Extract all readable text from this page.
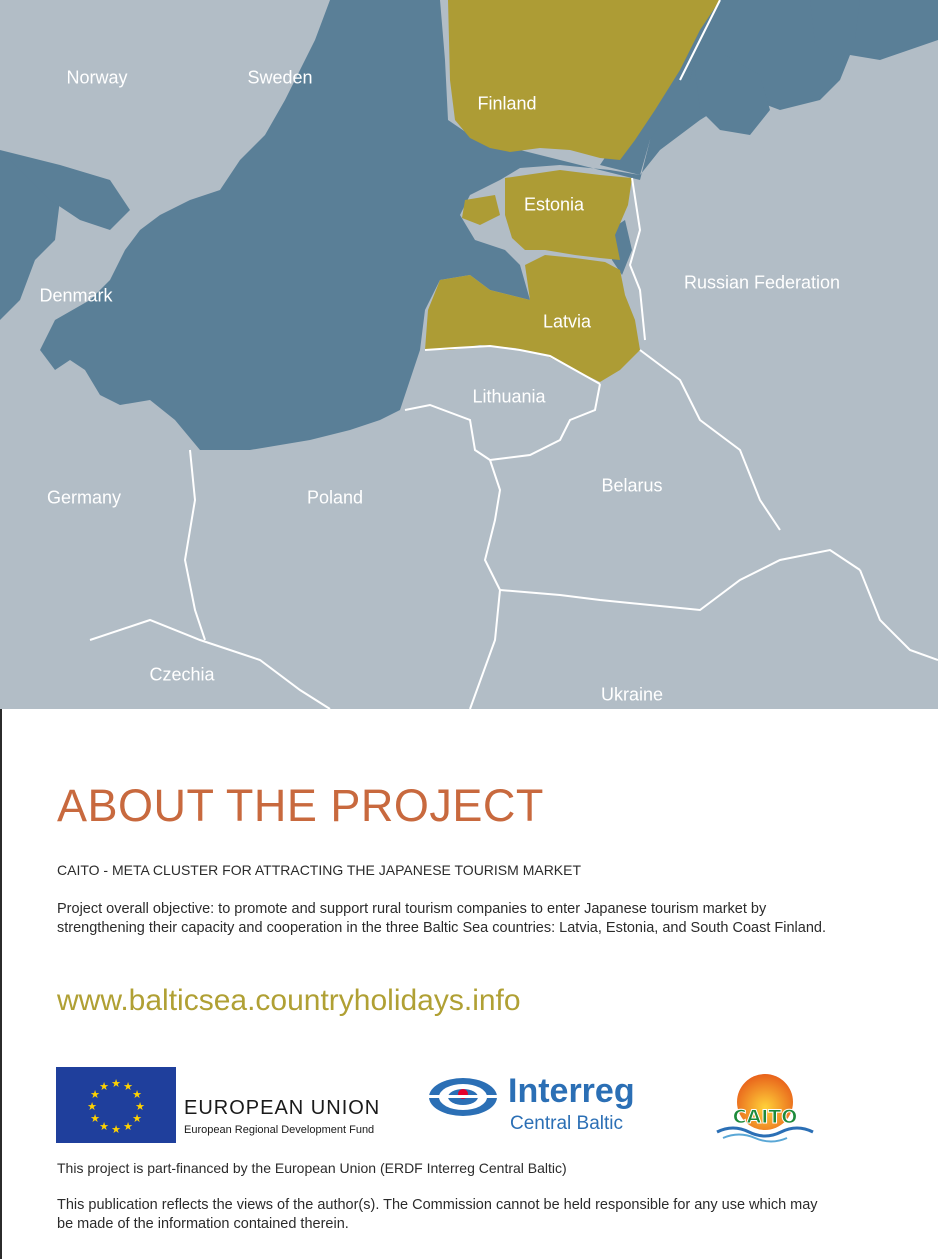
Norway	Sweden
Finland
Estonia
Russian Federation
Denmark
Latvia
Lithuania
Germany	Poland
Belarus
Czechia
Ukraine
ABOUT THE PROJECT
CAITO - META CLUSTER FOR ATTRACTING THE JAPANESE TOURISM MARKET
Project overall objective: to promote and support rural tourism companies to enter Japanese tourism market by strengthening their capacity and cooperation in the three Baltic Sea countries: Latvia, Estonia, and South Coast Finland.
www.balticsea.countryholidays.info
★ ★
★
★
★
★
★
★
★
★
★
★
EUROPEAN UNION
European Regional Development Fund
Interreg
Central Baltic	CAITO
This project is part-financed by the European Union (ERDF Interreg Central Baltic)
This publication reflects the views of the author(s). The Commission cannot be held responsible for any use which may be made of the information contained therein.
